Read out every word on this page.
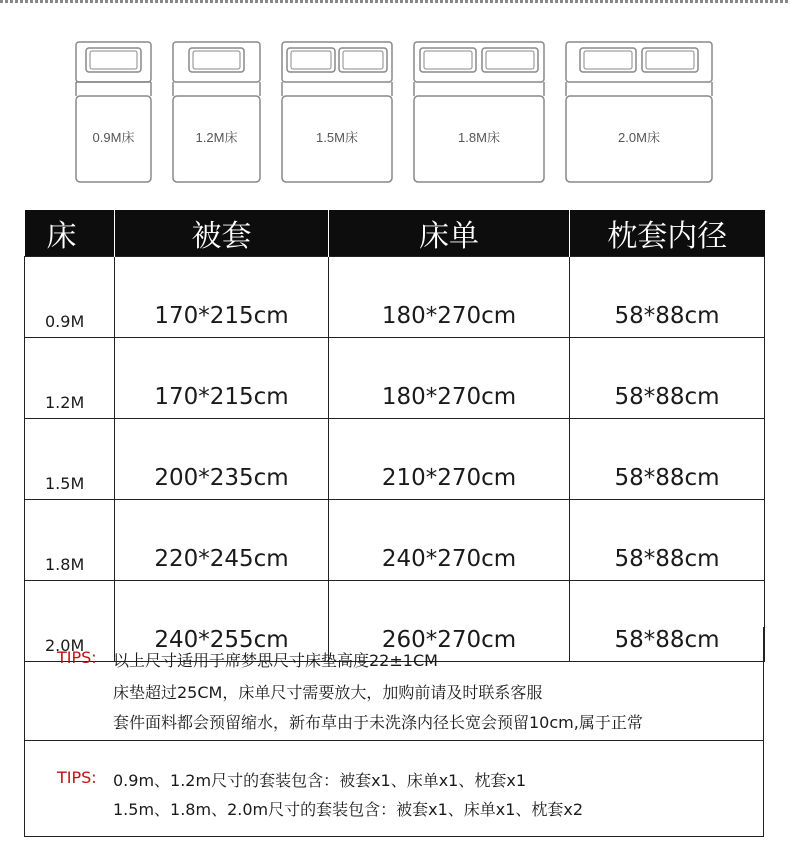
0.9M床	1.2M床	1.5M床	1.8M床	2.0M床
床	被套	床单	枕套内径
0.9M	170*215cm	180*270cm	58*88cm
1.2M	170*215cm	180*270cm	58*88cm
1.5M	200*235cm	210*270cm	58*88cm
1.8M	220*245cm	240*270cm	58*88cm
2.0M	240*255cm	260*270cm	58*88cm
TIPS: 以上尺寸适用于席梦思尺寸床垫高度22±1CM
床垫超过25CM，床单尺寸需要放大，加购前请及时联系客服
套件面料都会预留缩水，新布草由于未洗涤内径长宽会预留10cm,属于正常
TIPS: 0.9m、1.2m尺寸的套装包含：被套x1、床单x1、枕套x1
1.5m、1.8m、2.0m尺寸的套装包含：被套x1、床单x1、枕套x2
